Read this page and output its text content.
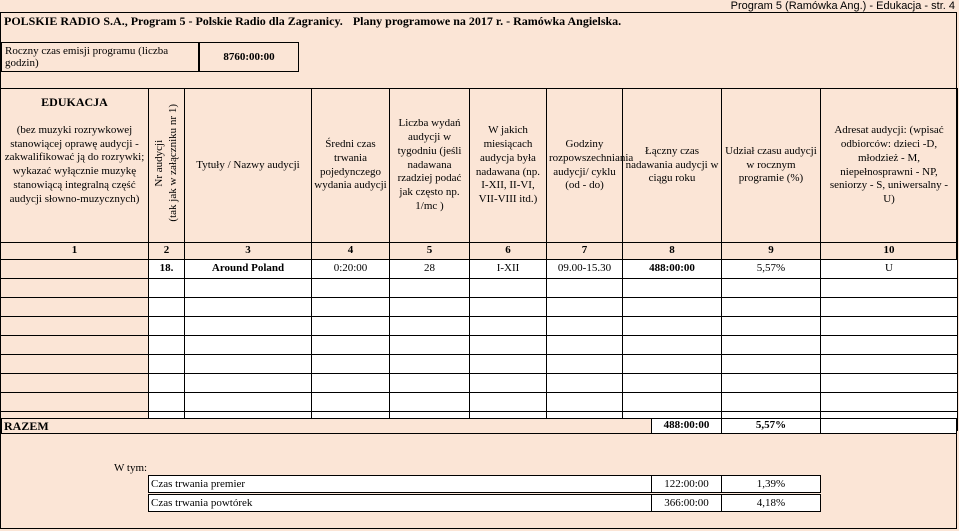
Program 5 (Ramówka Ang.) - Edukacja - str. 4
POLSKIE RADIO S.A., Program 5 - Polskie Radio dla Zagranicy. Plany programowe na 2017 r. - Ramówka Angielska.
Roczny czas emisji programu (liczba godzin)	8760:00:00
EDUKACJA
(bez muzyki rozrywkowej stanowiącej oprawę audycji - zakwalifikować ją do rozrywki; wykazać wyłącznie muzykę stanowiącą integralną część audycji słowno-muzycznych)	Nr audycji (tak jak w załączniku nr 1)	Tytuły / Nazwy audycji	Średni czas trwania pojedynczego wydania audycji	Liczba wydań audycji w tygodniu (jeśli nadawana rzadziej podać jak często np. 1/mc )	W jakich miesiącach audycja była nadawana (np. I-XII, II-VI, VII-VIII itd.)	Godziny rozpowszechniania audycji/ cyklu (od - do)	Łączny czas nadawania audycji w ciągu roku	Udział czasu audycji w rocznym programie (%)	Adresat audycji: (wpisać odbiorców: dzieci -D, młodzież - M, niepełnosprawni - NP, seniorzy - S, uniwersalny - U)
1	2	3	4	5	6	7	8	9	10
	18.	Around Poland	0:20:00	28	I-XII	09.00-15.30	488:00:00	5,57%	U

RAZEM	488:00:00	5,57%
W tym:
Czas trwania premier	122:00:00	1,39%
Czas trwania powtórek	366:00:00	4,18%
